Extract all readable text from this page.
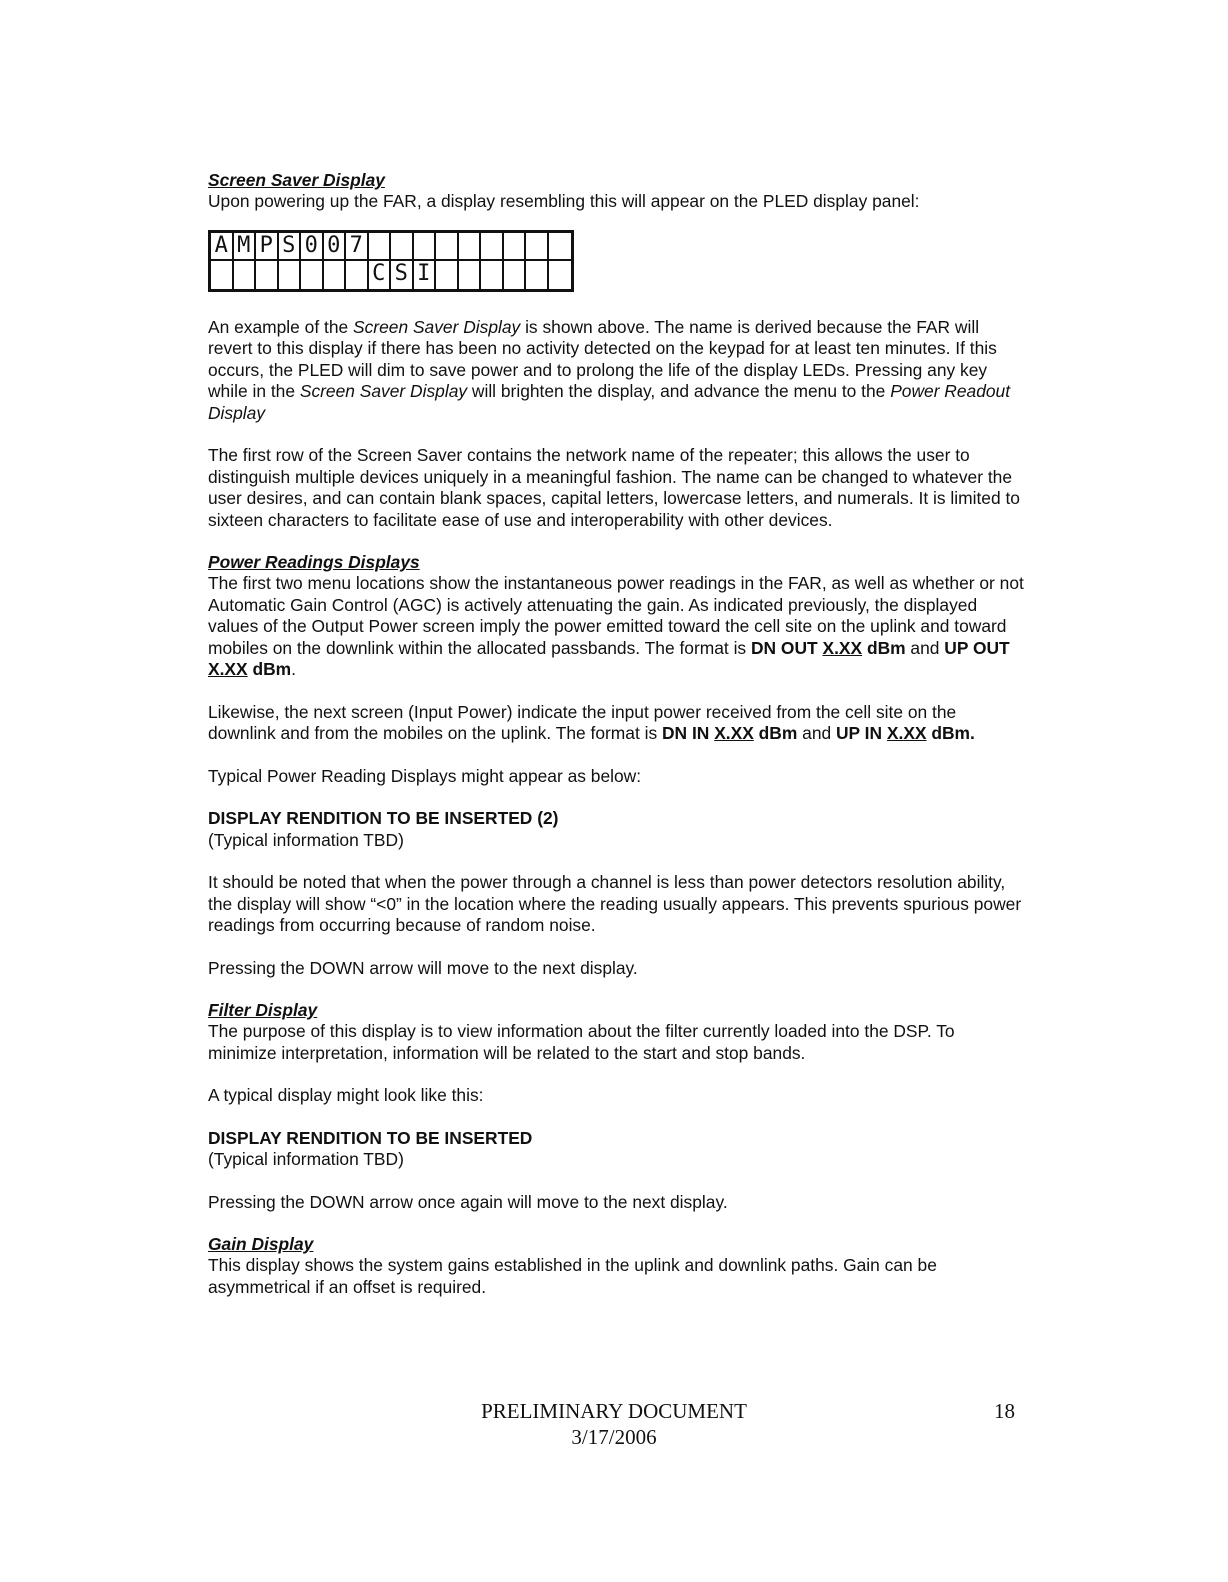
Screen Saver Display

Upon powering up the FAR, a display resembling this will appear on the PLED display panel:

A M P S 0 0 7
C S I

An example of the Screen Saver Display is shown above. The name is derived because the FAR will revert to this display if there has been no activity detected on the keypad for at least ten minutes. If this occurs, the PLED will dim to save power and to prolong the life of the display LEDs. Pressing any key while in the Screen Saver Display will brighten the display, and advance the menu to the Power Readout Display

The first row of the Screen Saver contains the network name of the repeater; this allows the user to distinguish multiple devices uniquely in a meaningful fashion. The name can be changed to whatever the user desires, and can contain blank spaces, capital letters, lowercase letters, and numerals. It is limited to sixteen characters to facilitate ease of use and interoperability with other devices.

Power Readings Displays

The first two menu locations show the instantaneous power readings in the FAR, as well as whether or not Automatic Gain Control (AGC) is actively attenuating the gain. As indicated previously, the displayed values of the Output Power screen imply the power emitted toward the cell site on the uplink and toward mobiles on the downlink within the allocated passbands. The format is DN OUT X.XX dBm and UP OUT X.XX dBm.

Likewise, the next screen (Input Power) indicate the input power received from the cell site on the downlink and from the mobiles on the uplink. The format is DN IN X.XX dBm and UP IN X.XX dBm.

Typical Power Reading Displays might appear as below:

DISPLAY RENDITION TO BE INSERTED (2)

(Typical information TBD)

It should be noted that when the power through a channel is less than power detectors resolution ability, the display will show “<0” in the location where the reading usually appears. This prevents spurious power readings from occurring because of random noise.

Pressing the DOWN arrow will move to the next display.

Filter Display

The purpose of this display is to view information about the filter currently loaded into the DSP. To minimize interpretation, information will be related to the start and stop bands.

A typical display might look like this:

DISPLAY RENDITION TO BE INSERTED

(Typical information TBD)

Pressing the DOWN arrow once again will move to the next display.

Gain Display

This display shows the system gains established in the uplink and downlink paths. Gain can be asymmetrical if an offset is required.

PRELIMINARY DOCUMENT
3/17/2006
18
